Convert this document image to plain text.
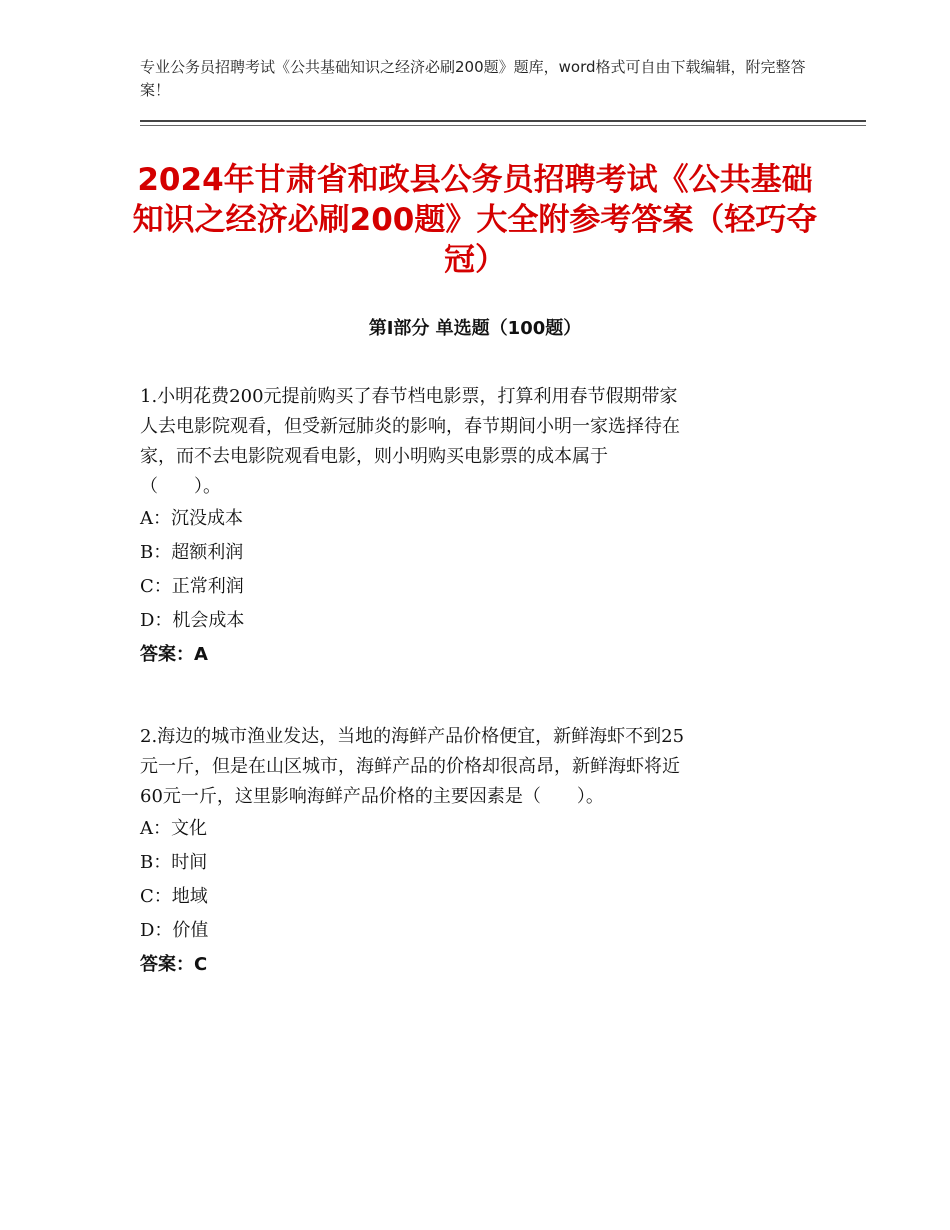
专业公务员招聘考试《公共基础知识之经济必刷200题》题库，word格式可自由下载编辑，附完整答案！
2024年甘肃省和政县公务员招聘考试《公共基础知识之经济必刷200题》大全附参考答案（轻巧夺冠）
第Ⅰ部分 单选题（100题）

1.小明花费200元提前购买了春节档电影票，打算利用春节假期带家

人去电影院观看，但受新冠肺炎的影响，春节期间小明一家选择待在

家，而不去电影院观看电影，则小明购买电影票的成本属于

（　　）。

A：沉没成本

B：超额利润

C：正常利润

D：机会成本

答案：A

2.海边的城市渔业发达，当地的海鲜产品价格便宜，新鲜海虾不到25

元一斤，但是在山区城市，海鲜产品的价格却很高昂，新鲜海虾将近

60元一斤，这里影响海鲜产品价格的主要因素是（　　）。

A：文化

B：时间

C：地域

D：价值

答案：C
